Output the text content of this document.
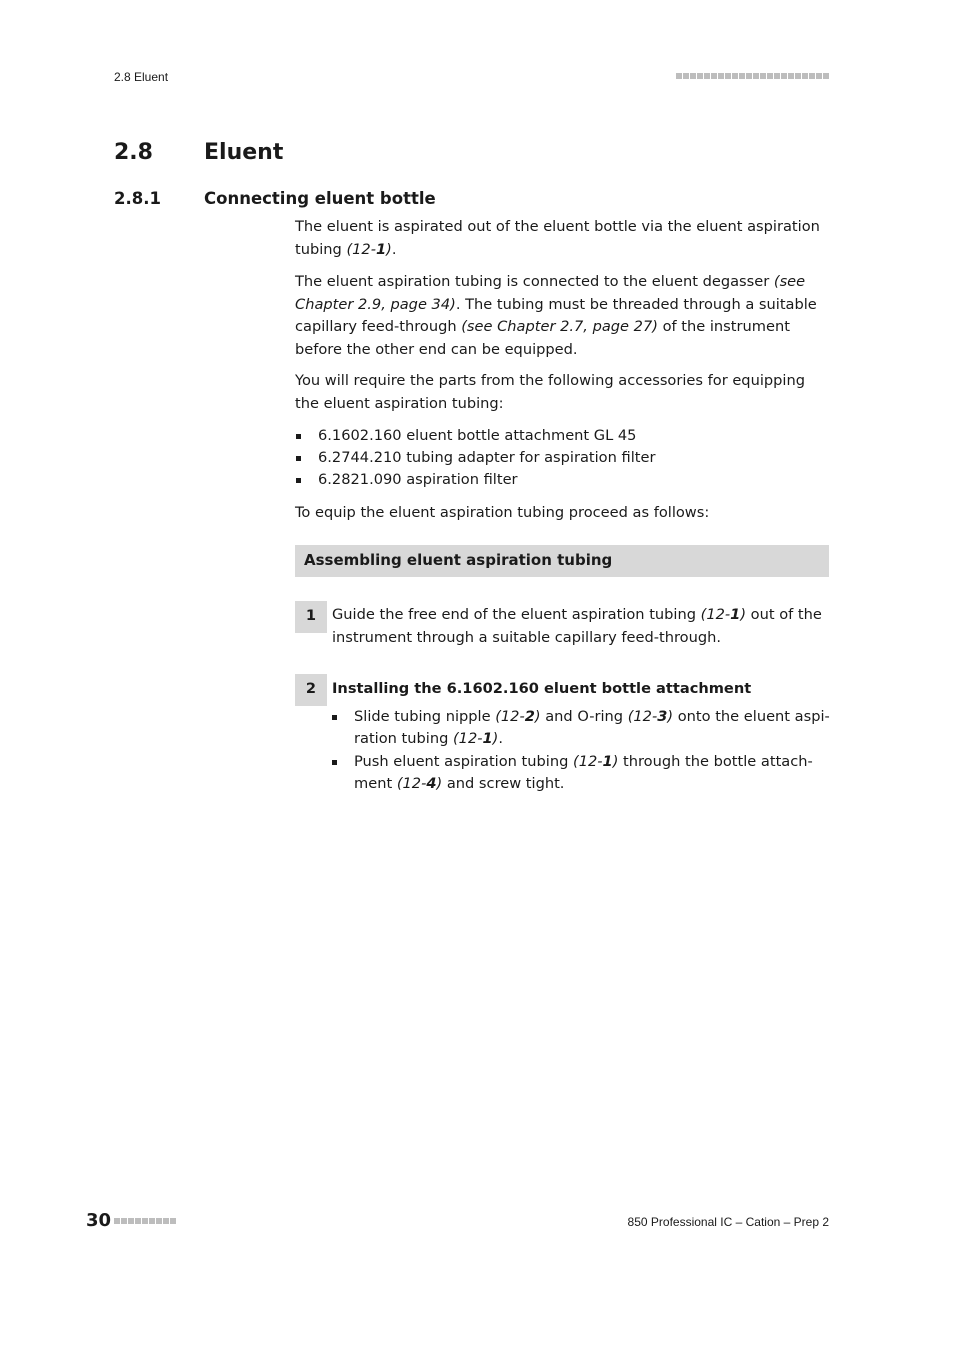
2.8 Eluent
2.8 Eluent
2.8.1	Connecting eluent bottle

The eluent is aspirated out of the eluent bottle via the eluent aspiration tubing (12-1).

The eluent aspiration tubing is connected to the eluent degasser (see Chapter 2.9, page 34). The tubing must be threaded through a suitable capillary feed-through (see Chapter 2.7, page 27) of the instrument before the other end can be equipped.

You will require the parts from the following accessories for equipping the eluent aspiration tubing:

6.1602.160 eluent bottle attachment GL 45
6.2744.210 tubing adapter for aspiration filter
6.2821.090 aspiration filter

To equip the eluent aspiration tubing proceed as follows:

Assembling eluent aspiration tubing
1	Guide the free end of the eluent aspiration tubing (12-1) out of the instrument through a suitable capillary feed-through.
2	Installing the 6.1602.160 eluent bottle attachment
Slide tubing nipple (12-2) and O-ring (12-3) onto the eluent aspi-ration tubing (12-1).
Push eluent aspiration tubing (12-1) through the bottle attach-ment (12-4) and screw tight.
30	850 Professional IC – Cation – Prep 2
